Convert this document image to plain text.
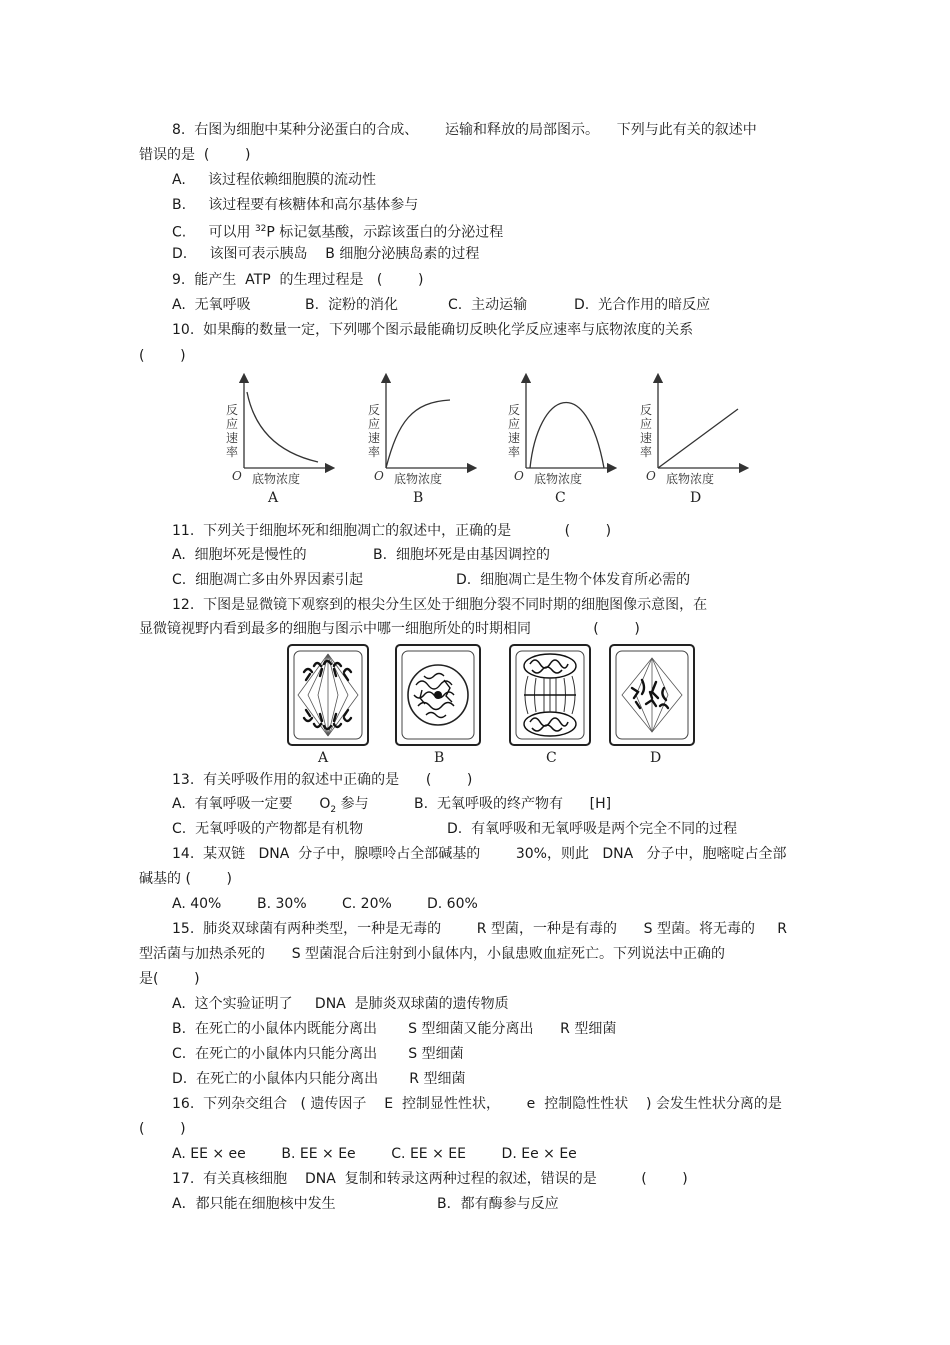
8.  右图为细胞中某种分泌蛋白的合成、      运输和释放的局部图示。    下列与此有关的叙述中
错误的是  (        )
A.     该过程依赖细胞膜的流动性
B.     该过程要有核糖体和高尔基体参与
C.     可以用 $^{32}$P 标记氨基酸，示踪该蛋白的分泌过程
D.     该图可表示胰岛    B 细胞分泌胰岛素的过程
9.  能产生  ATP  的生理过程是   (        )
A.  无氧呼吸	B.  淀粉的消化	C.  主动运输	D.  光合作用的暗反应
10.  如果酶的数量一定，下列哪个图示最能确切反映化学反应速率与底物浓度的关系
(        )
反
应
速
率
O 底物浓度
A
反
应
速
率
O 底物浓度
B
反
应
速
率
O 底物浓度
C
反
应
速
率
O 底物浓度
D
11.  下列关于细胞坏死和细胞凋亡的叙述中，正确的是            (        )
A.  细胞坏死是慢性的	B.  细胞坏死是由基因调控的
C.  细胞凋亡多由外界因素引起	D.  细胞凋亡是生物个体发育所必需的
12.  下图是显微镜下观察到的根尖分生区处于细胞分裂不同时期的细胞图像示意图，在
显微镜视野内看到最多的细胞与图示中哪一细胞所处的时期相同              (        )
A	B	C	D
13.  有关呼吸作用的叙述中正确的是      (        )
A.  有氧呼吸一定要      $O_2$ 参与	B.  无氧呼吸的终产物有      [H]
C.  无氧呼吸的产物都是有机物	D.  有氧呼吸和无氧呼吸是两个完全不同的过程
14.  某双链   DNA  分子中，腺嘌呤占全部碱基的        30%，则此   DNA   分子中，胞嘧啶占全部
碱基的 (        )
A. 40%	B. 30%	C. 20%	D. 60%
15.  肺炎双球菌有两种类型，一种是无毒的        R 型菌，一种是有毒的      S 型菌。将无毒的     R
型活菌与加热杀死的      S 型菌混合后注射到小鼠体内，小鼠患败血症死亡。下列说法中正确的
是(        )
A.  这个实验证明了     DNA  是肺炎双球菌的遗传物质
B.  在死亡的小鼠体内既能分离出       S 型细菌又能分离出      R 型细菌
C.  在死亡的小鼠体内只能分离出       S 型细菌
D.  在死亡的小鼠体内只能分离出       R 型细菌
16.  下列杂交组合   ( 遗传因子    E  控制显性性状，      e  控制隐性性状    ) 会发生性状分离的是
(        )
A. EE × ee        B. EE × Ee        C. EE × EE        D. Ee × Ee
17.  有关真核细胞    DNA  复制和转录这两种过程的叙述，错误的是          (        )
A．都只能在细胞核中发生	B．都有酶参与反应
